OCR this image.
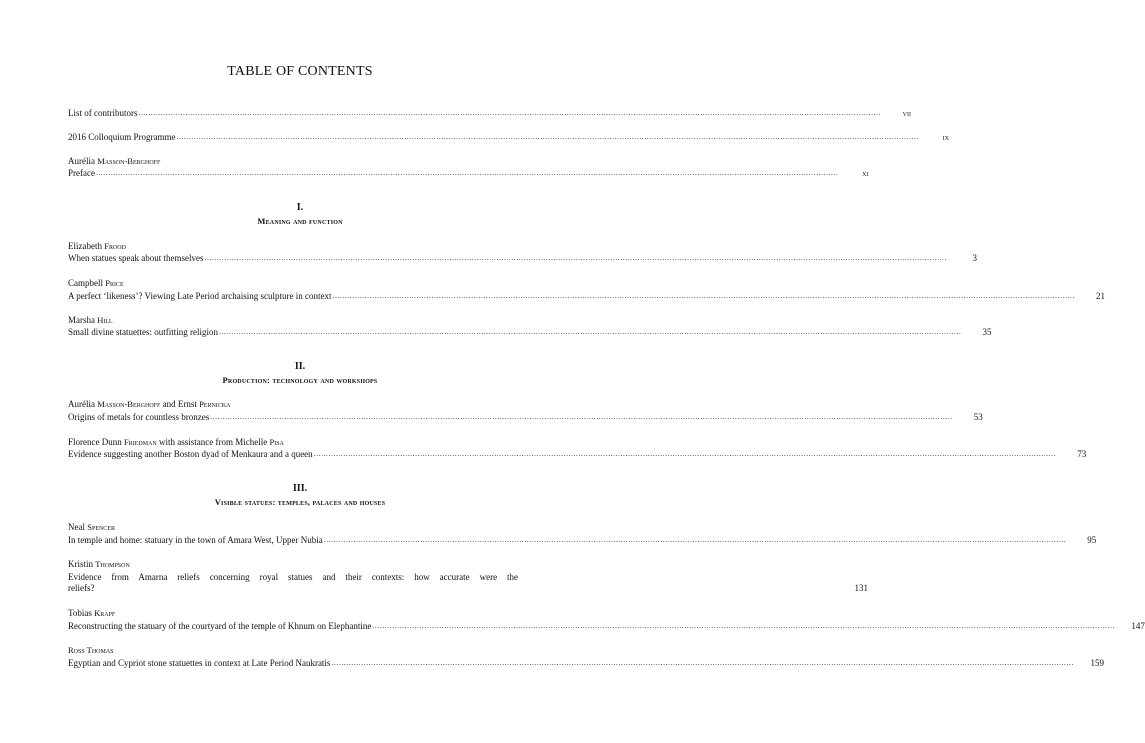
TABLE OF CONTENTS
List of contributors ............................................................................................................................................................................................................................................................................................................	vii
2016 Colloquium Programme ............................................................................................................................................................................................................................................................................................................	ix
Aurélia Masson-Berghoff
Preface ............................................................................................................................................................................................................................................................................................................	xi
I.
Meaning and function
Elizabeth Frood
When statues speak about themselves ............................................................................................................................................................................................................................................................................................................	3
Campbell Price
A perfect ‘likeness’? Viewing Late Period archaising sculpture in context ............................................................................................................................................................................................................................................................................................................	21
Marsha Hill
Small divine statuettes: outfitting religion ............................................................................................................................................................................................................................................................................................................	35
II.
Production: technology and workshops
Aurélia Masson-Berghoff and Ernst Pernicka
Origins of metals for countless bronzes ............................................................................................................................................................................................................................................................................................................	53
Florence Dunn Friedman with assistance from Michelle Pisa
Evidence suggesting another Boston dyad of Menkaura and a queen ............................................................................................................................................................................................................................................................................................................	73
III.
Visible statues: temples, palaces and houses
Neal Spencer
In temple and home: statuary in the town of Amara West, Upper Nubia ............................................................................................................................................................................................................................................................................................................	95
Kristin Thompson
Evidence from Amarna reliefs concerning royal statues and their contexts: how accurate were the
reliefs?	131
Tobias Krapf
Reconstructing the statuary of the courtyard of the temple of Khnum on Elephantine ............................................................................................................................................................................................................................................................................................................	147
Ross Thomas
Egyptian and Cypriot stone statuettes in context at Late Period Naukratis ............................................................................................................................................................................................................................................................................................................	159
